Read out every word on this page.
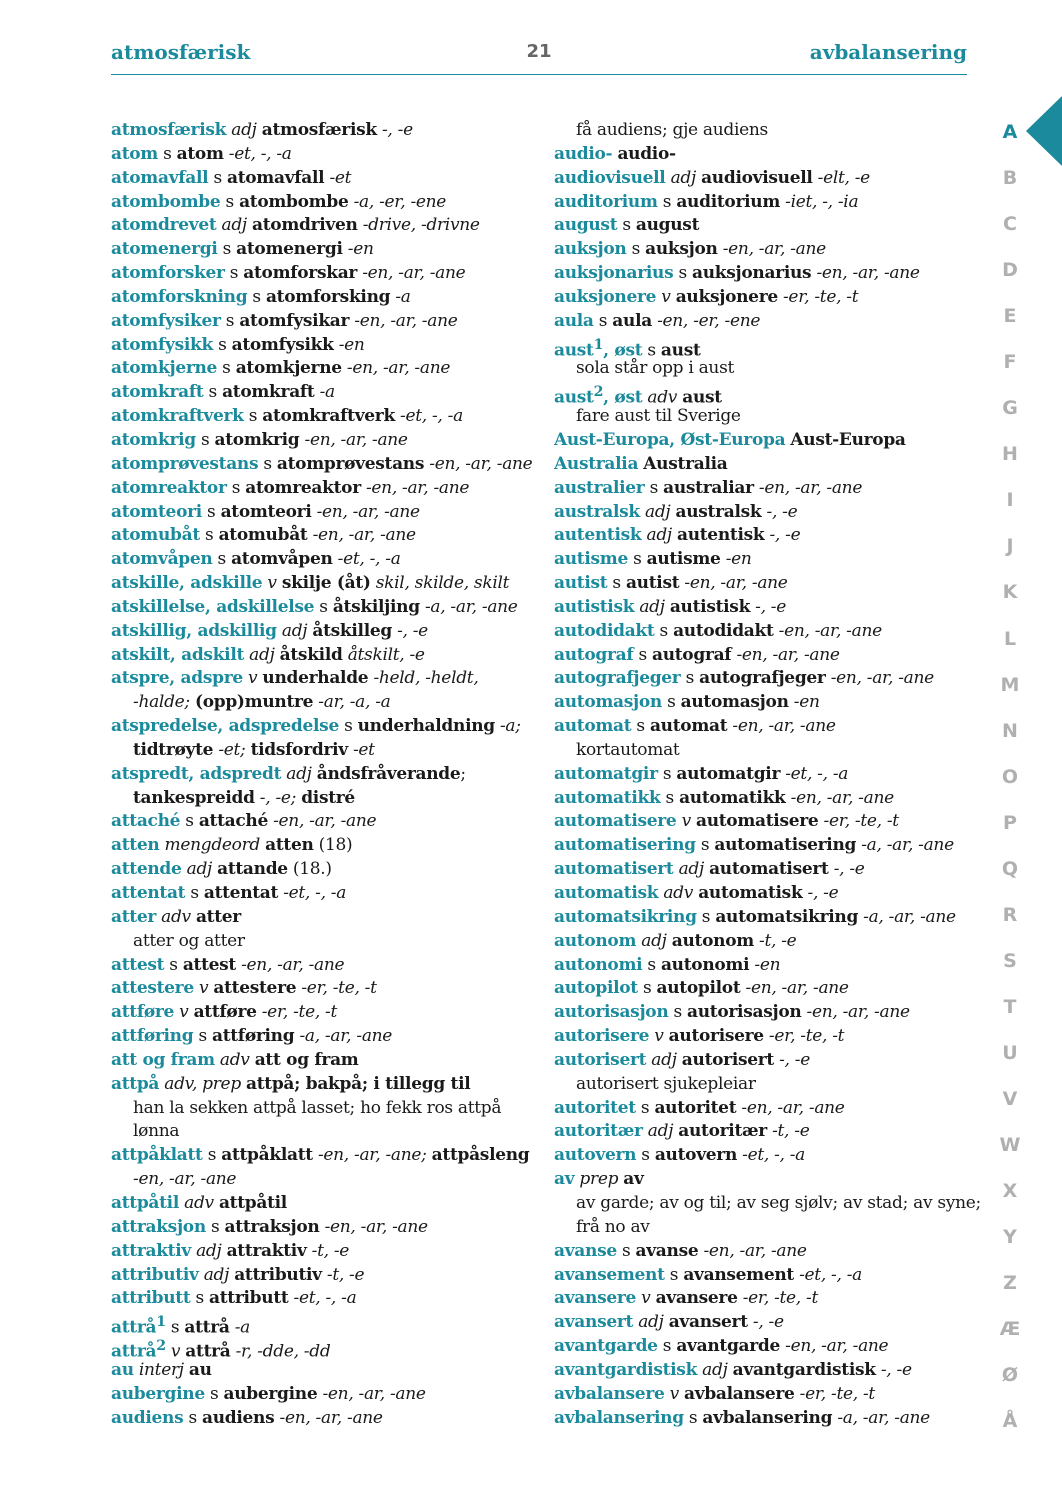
atmosfærisk	21	avbalansering
atmosfærisk adj atmosfærisk -, -e
atom s atom -et, -, -a
atomavfall s atomavfall -et
atombombe s atombombe -a, -er, -ene
atomdrevet adj atomdriven -drive, -drivne
atomenergi s atomenergi -en
atomforsker s atomforskar -en, -ar, -ane
atomforskning s atomforsking -a
atomfysiker s atomfysikar -en, -ar, -ane
atomfysikk s atomfysikk -en
atomkjerne s atomkjerne -en, -ar, -ane
atomkraft s atomkraft -a
atomkraftverk s atomkraftverk -et, -, -a
atomkrig s atomkrig -en, -ar, -ane
atomprøvestans s atomprøvestans -en, -ar, -ane
atomreaktor s atomreaktor -en, -ar, -ane
atomteori s atomteori -en, -ar, -ane
atomubåt s atomubåt -en, -ar, -ane
atomvåpen s atomvåpen -et, -, -a
atskille, adskille v skilje (åt) skil, skilde, skilt
atskillelse, adskillelse s åtskiljing -a, -ar, -ane
atskillig, adskillig adj åtskilleg -, -e
atskilt, adskilt adj åtskild åtskilt, -e
atspre, adspre v underhalde -held, -heldt,
-halde; (opp)muntre -ar, -a, -a
atspredelse, adspredelse s underhaldning -a;
tidtrøyte -et; tidsfordriv -et
atspredt, adspredt adj åndsfråverande;
tankespreidd -, -e; distré
attaché s attaché -en, -ar, -ane
atten mengdeord atten (18)
attende adj attande (18.)
attentat s attentat -et, -, -a
atter adv atter
atter og atter
attest s attest -en, -ar, -ane
attestere v attestere -er, -te, -t
attføre v attføre -er, -te, -t
attføring s attføring -a, -ar, -ane
att og fram adv att og fram
attpå adv, prep attpå; bakpå; i tillegg til
han la sekken attpå lasset; ho fekk ros attpå
lønna
attpåklatt s attpåklatt -en, -ar, -ane; attpåsleng
-en, -ar, -ane
attpåtil adv attpåtil
attraksjon s attraksjon -en, -ar, -ane
attraktiv adj attraktiv -t, -e
attributiv adj attributiv -t, -e
attributt s attributt -et, -, -a
attrå$^1$ s attrå -a
attrå$^2$ v attrå -r, -dde, -dd
au interj au
aubergine s aubergine -en, -ar, -ane
audiens s audiens -en, -ar, -ane
få audiens; gje audiens
audio- audio-
audiovisuell adj audiovisuell -elt, -e
auditorium s auditorium -iet, -, -ia
august s august
auksjon s auksjon -en, -ar, -ane
auksjonarius s auksjonarius -en, -ar, -ane
auksjonere v auksjonere -er, -te, -t
aula s aula -en, -er, -ene
aust$^1$, øst s aust
sola står opp i aust
aust$^2$, øst adv aust
fare aust til Sverige
Aust-Europa, Øst-Europa Aust-Europa
Australia Australia
australier s australiar -en, -ar, -ane
australsk adj australsk -, -e
autentisk adj autentisk -, -e
autisme s autisme -en
autist s autist -en, -ar, -ane
autistisk adj autistisk -, -e
autodidakt s autodidakt -en, -ar, -ane
autograf s autograf -en, -ar, -ane
autografjeger s autografjeger -en, -ar, -ane
automasjon s automasjon -en
automat s automat -en, -ar, -ane
kortautomat
automatgir s automatgir -et, -, -a
automatikk s automatikk -en, -ar, -ane
automatisere v automatisere -er, -te, -t
automatisering s automatisering -a, -ar, -ane
automatisert adj automatisert -, -e
automatisk adv automatisk -, -e
automatsikring s automatsikring -a, -ar, -ane
autonom adj autonom -t, -e
autonomi s autonomi -en
autopilot s autopilot -en, -ar, -ane
autorisasjon s autorisasjon -en, -ar, -ane
autorisere v autorisere -er, -te, -t
autorisert adj autorisert -, -e
autorisert sjukepleiar
autoritet s autoritet -en, -ar, -ane
autoritær adj autoritær -t, -e
autovern s autovern -et, -, -a
av prep av
av garde; av og til; av seg sjølv; av stad; av syne;
frå no av
avanse s avanse -en, -ar, -ane
avansement s avansement -et, -, -a
avansere v avansere -er, -te, -t
avansert adj avansert -, -e
avantgarde s avantgarde -en, -ar, -ane
avantgardistisk adj avantgardistisk -, -e
avbalansere v avbalansere -er, -te, -t
avbalansering s avbalansering -a, -ar, -ane
A
B
C
D
E
F
G
H
I
J
K
L
M
N
O
P
Q
R
S
T
U
V
W
X
Y
Z
Æ
Ø
Å
